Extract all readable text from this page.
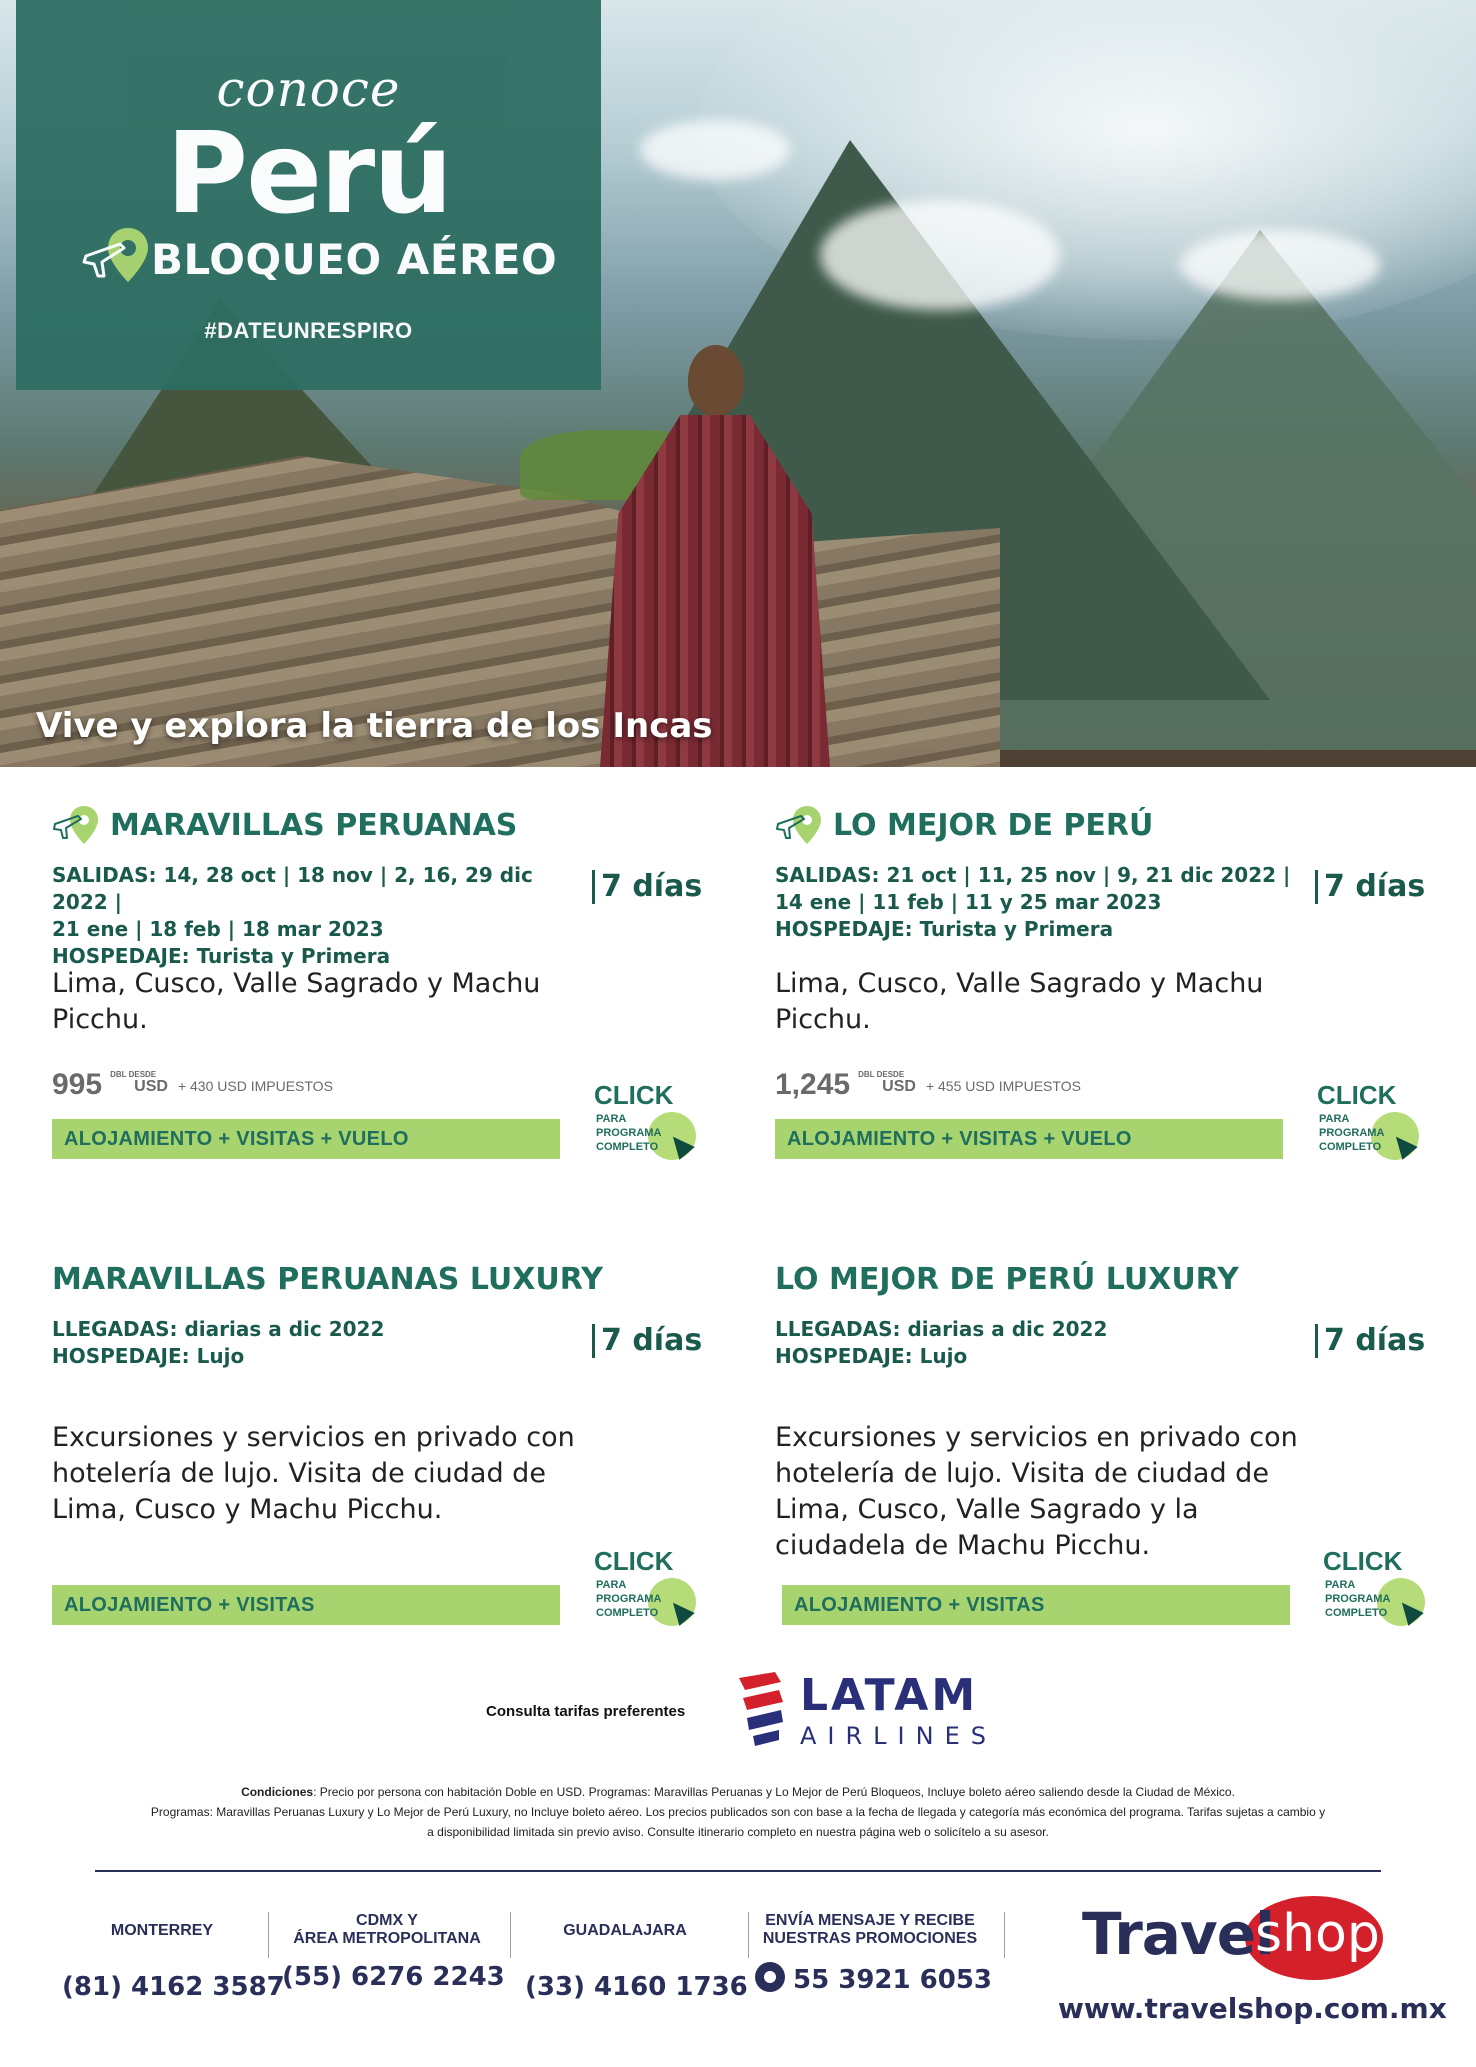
conoce
Perú
BLOQUEO AÉREO
#DATEUNRESPIRO
Vive y explora la tierra de los Incas
MARAVILLAS PERUANAS
SALIDAS: 14, 28 oct | 18 nov | 2, 16, 29 dic 2022 |
21 ene | 18 feb | 18 mar 2023
HOSPEDAJE: Turista y Primera
7 días
Lima, Cusco, Valle Sagrado y Machu Picchu.
995 DBL DESDEUSD + 430 USD IMPUESTOS
ALOJAMIENTO + VISITAS + VUELO
CLICK
PARA
PROGRAMA
COMPLETO
LO MEJOR DE PERÚ
SALIDAS: 21 oct | 11, 25 nov | 9, 21 dic 2022 |
14 ene | 11 feb | 11 y 25 mar 2023
HOSPEDAJE: Turista y Primera
7 días
Lima, Cusco, Valle Sagrado y Machu Picchu.
1,245 DBL DESDEUSD + 455 USD IMPUESTOS
ALOJAMIENTO + VISITAS + VUELO
CLICK
PARA
PROGRAMA
COMPLETO
MARAVILLAS PERUANAS LUXURY
LLEGADAS: diarias a dic 2022
HOSPEDAJE: Lujo	7 días
Excursiones y servicios en privado con hotelería de lujo. Visita de ciudad de Lima, Cusco y Machu Picchu.
ALOJAMIENTO + VISITAS
CLICK
PARA
PROGRAMA
COMPLETO
LO MEJOR DE PERÚ LUXURY
LLEGADAS: diarias a dic 2022
HOSPEDAJE: Lujo	7 días
Excursiones y servicios en privado con hotelería de lujo. Visita de ciudad de Lima, Cusco, Valle Sagrado y la ciudadela de Machu Picchu.
ALOJAMIENTO + VISITAS
CLICK
PARA
PROGRAMA
COMPLETO
Consulta tarifas preferentes	LATAM
AIRLINES
Condiciones: Precio por persona con habitación Doble en USD. Programas: Maravillas Peruanas y Lo Mejor de Perú Bloqueos, Incluye boleto aéreo saliendo desde la Ciudad de México.
Programas: Maravillas Peruanas Luxury y Lo Mejor de Perú Luxury, no Incluye boleto aéreo. Los precios publicados son con base a la fecha de llegada y categoría más económica del programa. Tarifas sujetas a cambio y
a disponibilidad limitada sin previo aviso. Consulte itinerario completo en nuestra página web o solicítelo a su asesor.
MONTERREY
(81) 4162 3587
CDMX Y
ÁREA METROPOLITANA
(55) 6276 2243
GUADALAJARA
(33) 4160 1736
ENVÍA MENSAJE Y RECIBE
NUESTRAS PROMOCIONES
55 3921 6053
Travel
shop
www.travelshop.com.mx
